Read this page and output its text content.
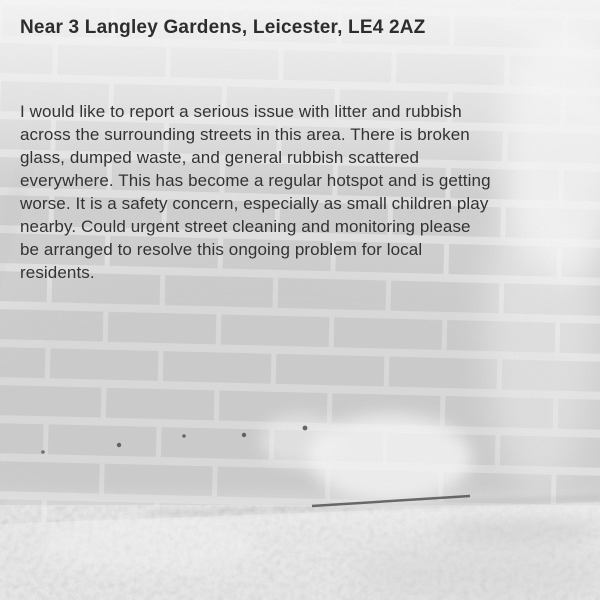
Near 3 Langley Gardens, Leicester, LE4 2AZ
I would like to report a serious issue with litter and rubbish
across the surrounding streets in this area. There is broken
glass, dumped waste, and general rubbish scattered
everywhere. This has become a regular hotspot and is getting
worse. It is a safety concern, especially as small children play
nearby. Could urgent street cleaning and monitoring please
be arranged to resolve this ongoing problem for local
residents.
